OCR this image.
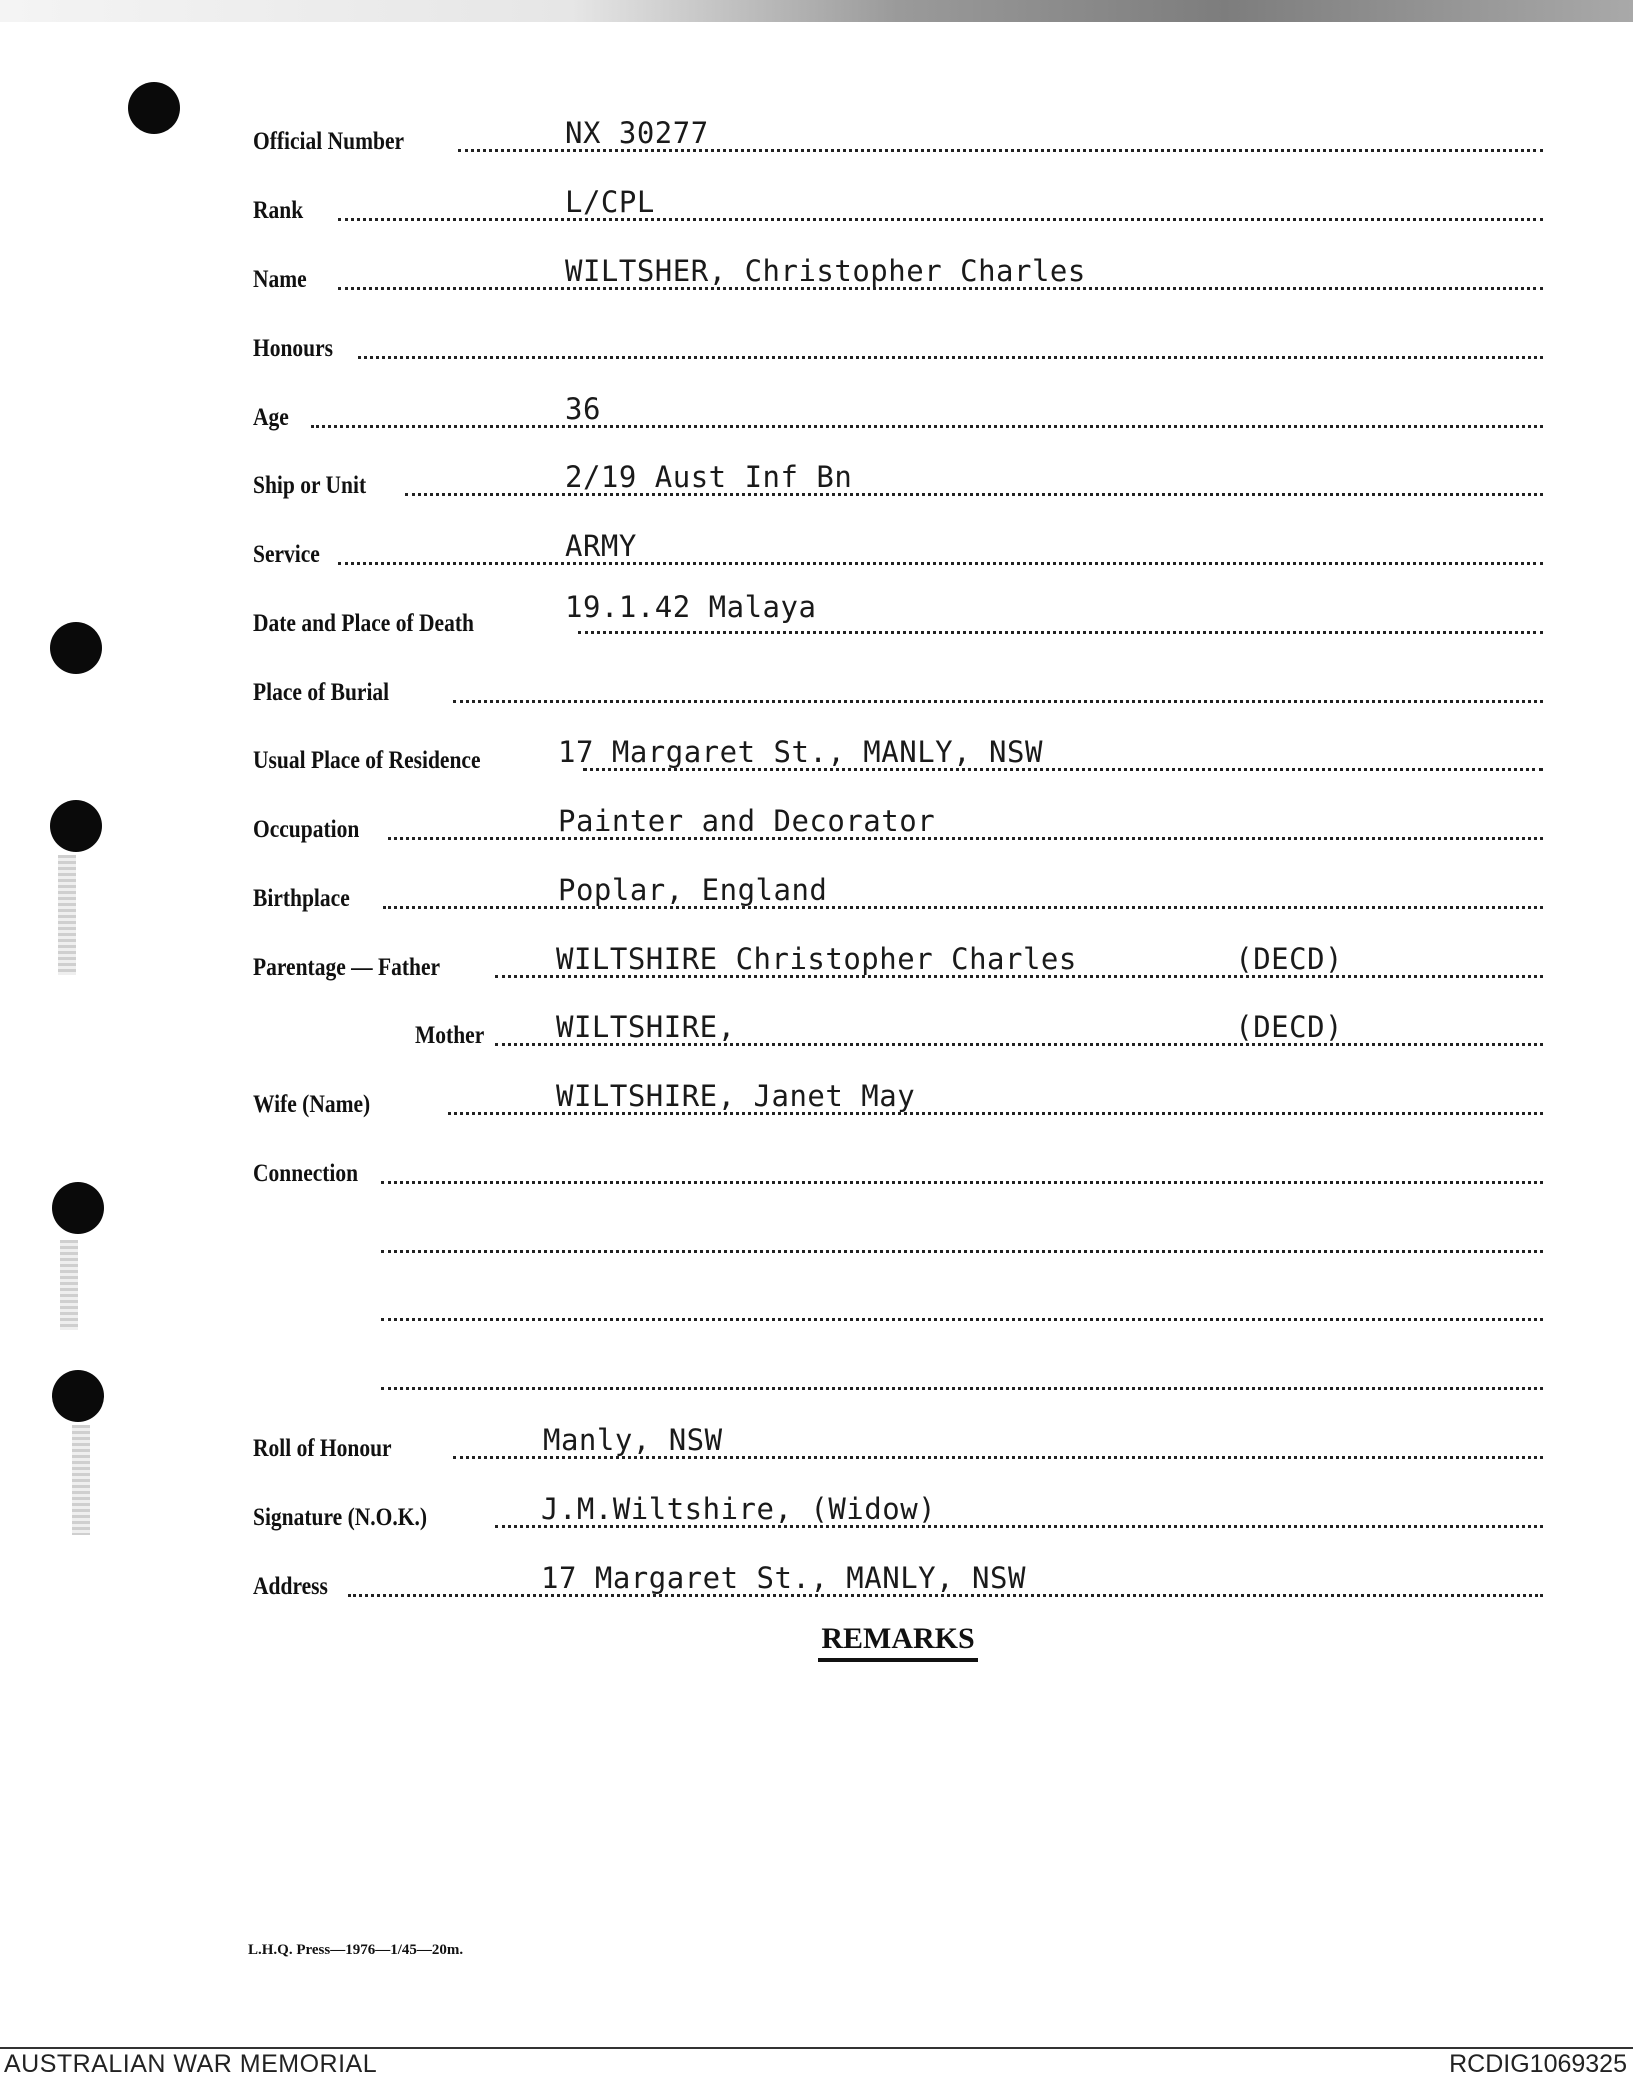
Official Number	NX 30277
Rank	L/CPL
Name	WILTSHER, Christopher Charles
Honours
Age	36
Ship or Unit	2/19 Aust Inf Bn
Service	ARMY
Date and Place of Death	19.1.42 Malaya
Place of Burial
Usual Place of Residence	17 Margaret St., MANLY, NSW
Occupation	Painter and Decorator
Birthplace	Poplar, England
Parentage — Father	WILTSHIRE Christopher Charles	(DECD)
Mother WILTSHIRE,	(DECD)
Wife (Name)	WILTSHIRE, Janet May
Connection
Roll of Honour	Manly, NSW
Signature (N.O.K.)	J.M.Wiltshire, (Widow)
Address	17 Margaret St., MANLY, NSW
REMARKS
L.H.Q. Press—1976—1/45—20m.
AUSTRALIAN WAR MEMORIAL	RCDIG1069325
